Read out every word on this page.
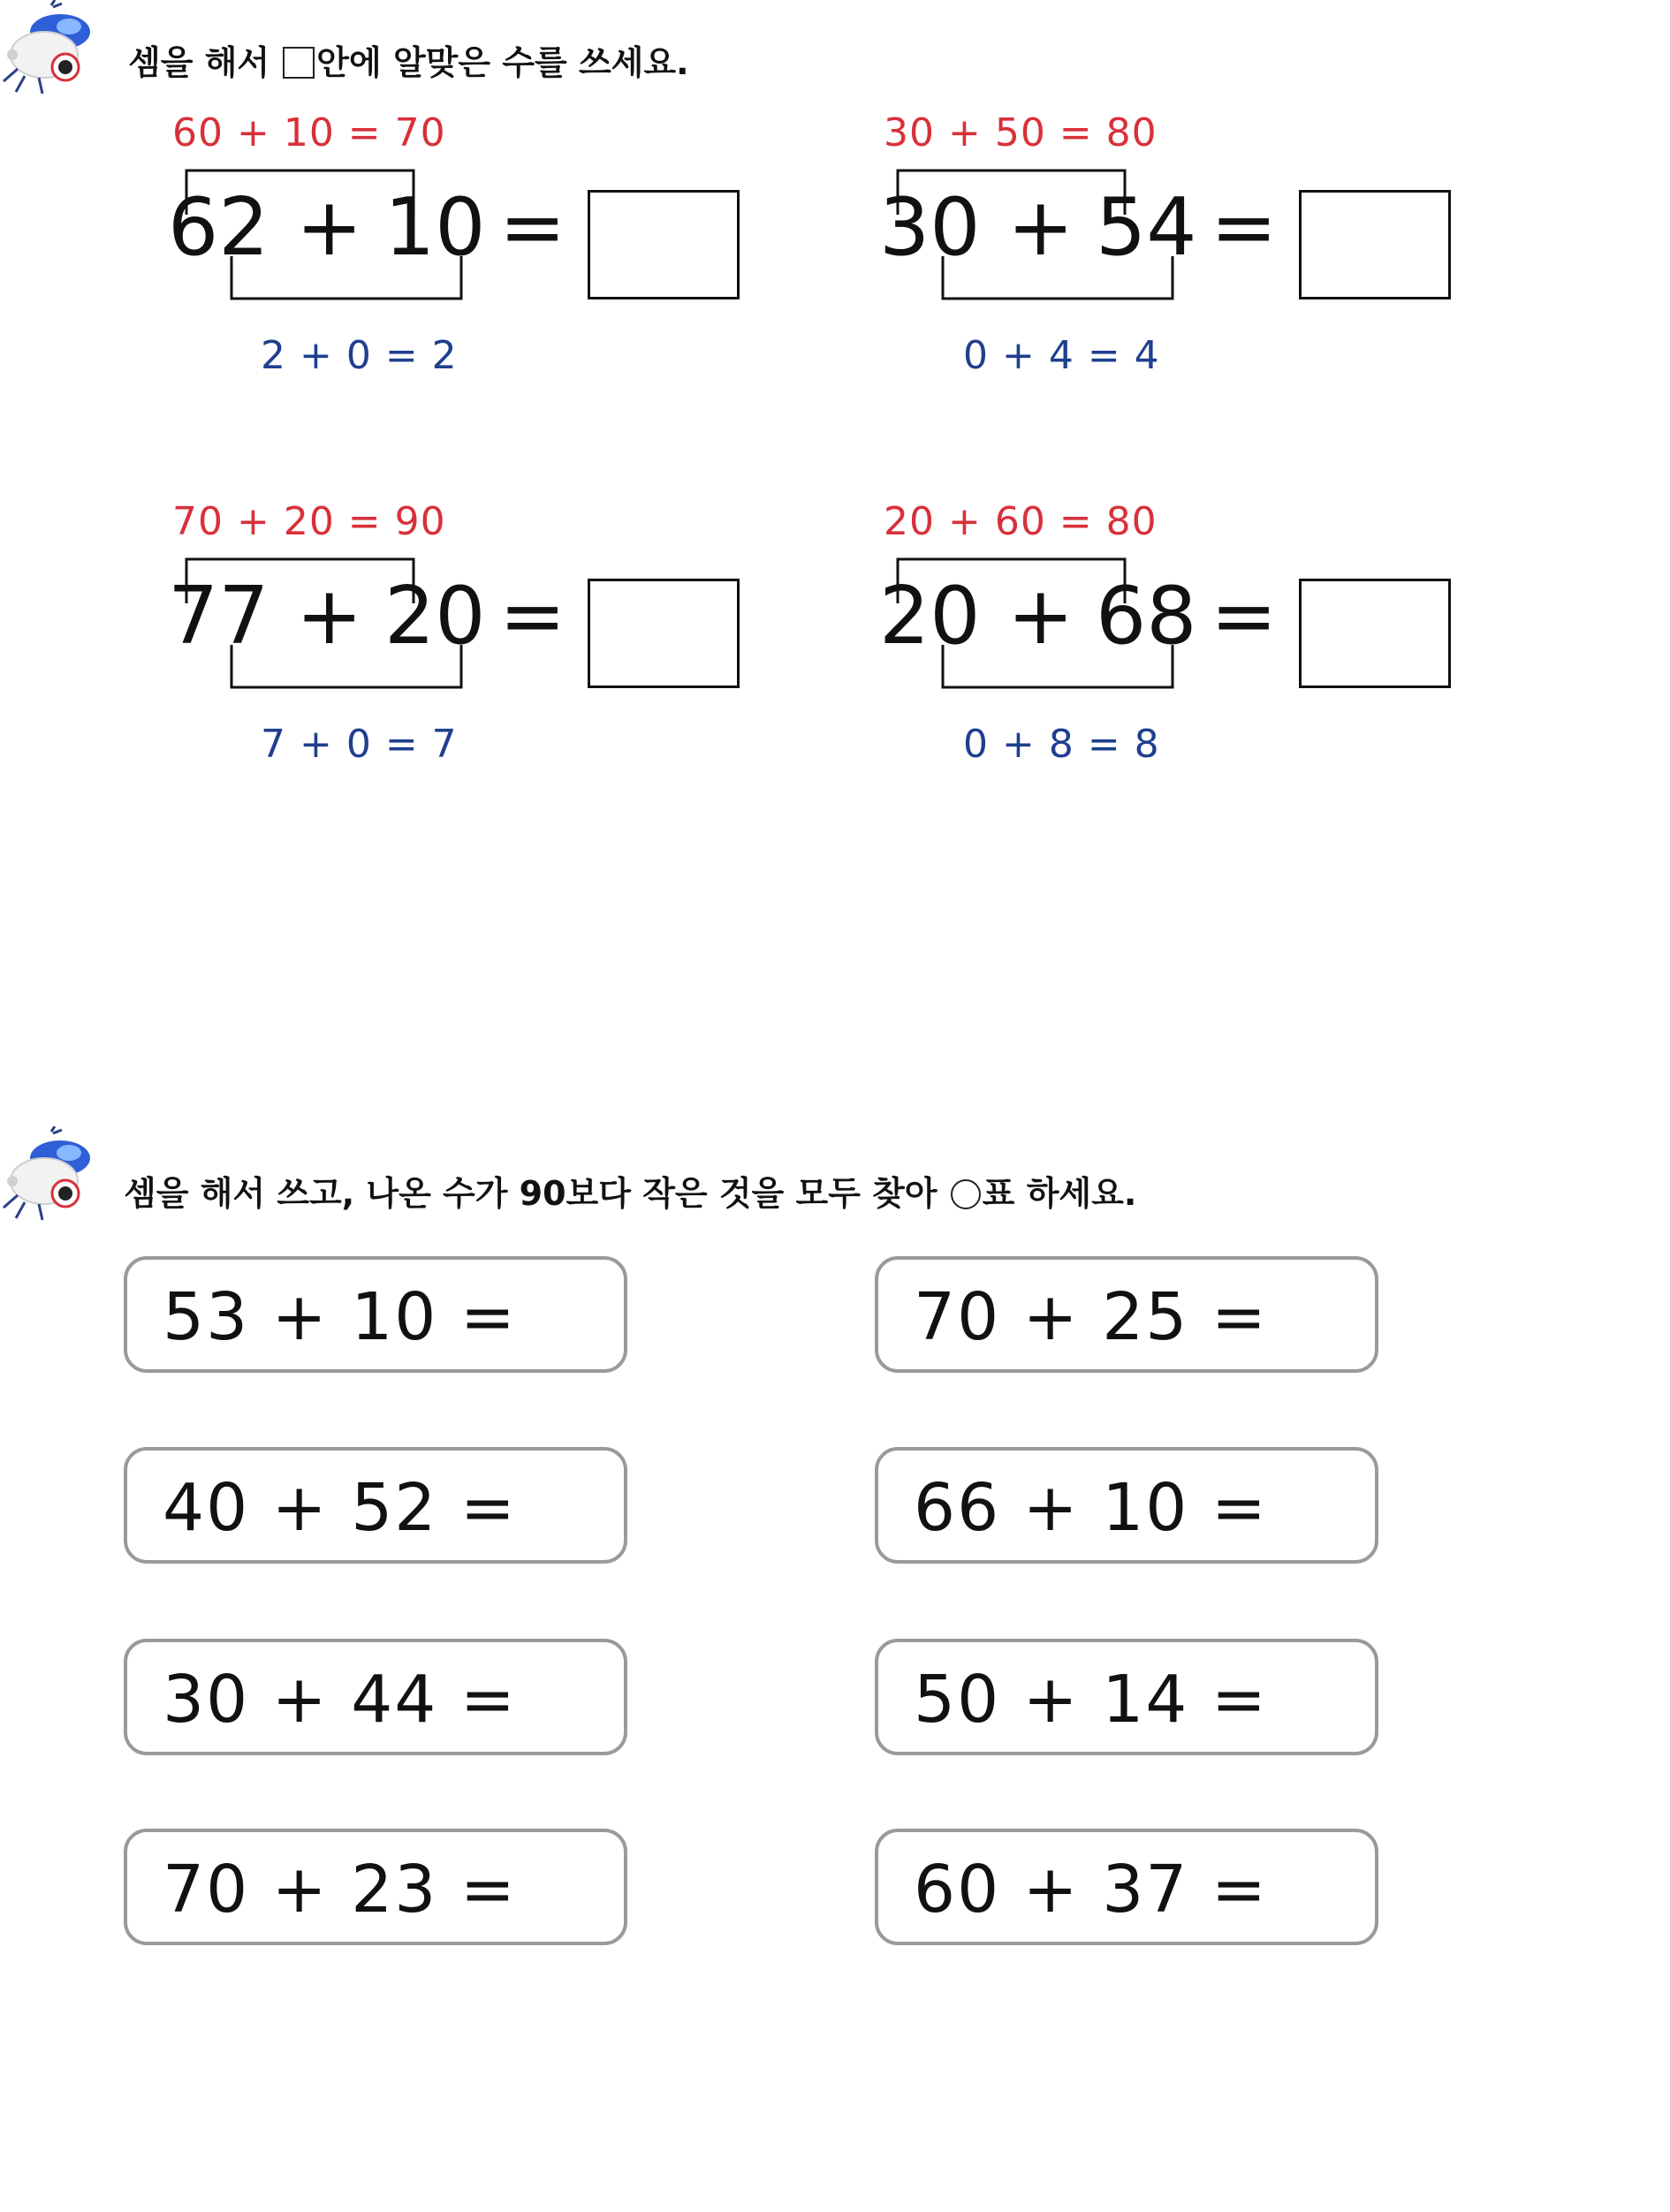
셈을 해서 안에 알맞은 수를 쓰세요.
60 + 10 = 70
62 + 10 =
2 + 0 = 2
30 + 50 = 80
30 + 54 =
0 + 4 = 4
70 + 20 = 90
77 + 20 =
7 + 0 = 7
20 + 60 = 80
20 + 68 =
0 + 8 = 8
셈을 해서 쓰고, 나온 수가 90보다 작은 것을 모두 찾아 표 하세요.
53 + 10 =
40 + 52 =
30 + 44 =
70 + 23 =
70 + 25 =
66 + 10 =
50 + 14 =
60 + 37 =
